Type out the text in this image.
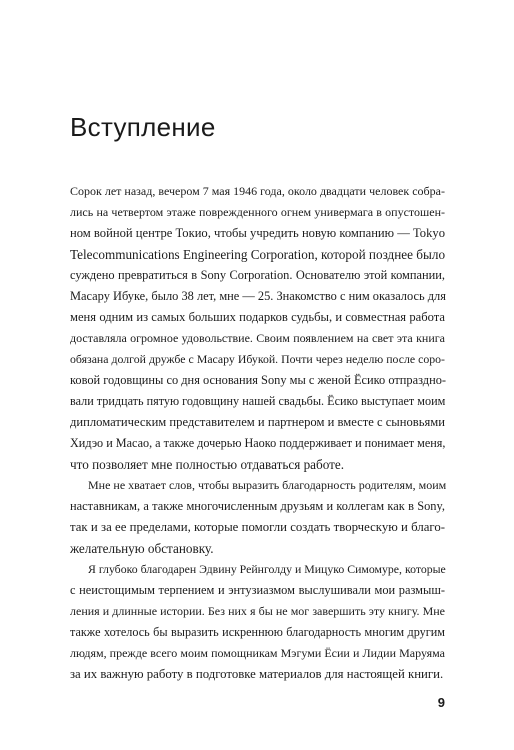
Вступление
Сорок лет назад, вечером 7 мая 1946 года, около двадцати человек собра-
лись на четвертом этаже поврежденного огнем универмага в опустошен-
ном войной центре Токио, чтобы учредить новую компанию — Tokyo
Telecommunications Engineering Corporation, которой позднее было
суждено превратиться в Sony Corporation. Основателю этой компании,
Масару Ибуке, было 38 лет, мне — 25. Знакомство с ним оказалось для
меня одним из самых больших подарков судьбы, и совместная работа
доставляла огромное удовольствие. Своим появлением на свет эта книга
обязана долгой дружбе с Масару Ибукой. Почти через неделю после соро-
ковой годовщины со дня основания Sony мы с женой Ёсико отпраздно-
вали тридцать пятую годовщину нашей свадьбы. Ёсико выступает моим
дипломатическим представителем и партнером и вместе с сыновьями
Хидэо и Масао, а также дочерью Наоко поддерживает и понимает меня,
что позволяет мне полностью отдаваться работе.
Мне не хватает слов, чтобы выразить благодарность родителям, моим
наставникам, а также многочисленным друзьям и коллегам как в Sony,
так и за ее пределами, которые помогли создать творческую и благо-
желательную обстановку.
Я глубоко благодарен Эдвину Рейнголду и Мицуко Симомуре, которые
с неистощимым терпением и энтузиазмом выслушивали мои размыш-
ления и длинные истории. Без них я бы не мог завершить эту книгу. Мне
также хотелось бы выразить искреннюю благодарность многим другим
людям, прежде всего моим помощникам Мэгуми Ёсии и Лидии Маруяма
за их важную работу в подготовке материалов для настоящей книги.
9
